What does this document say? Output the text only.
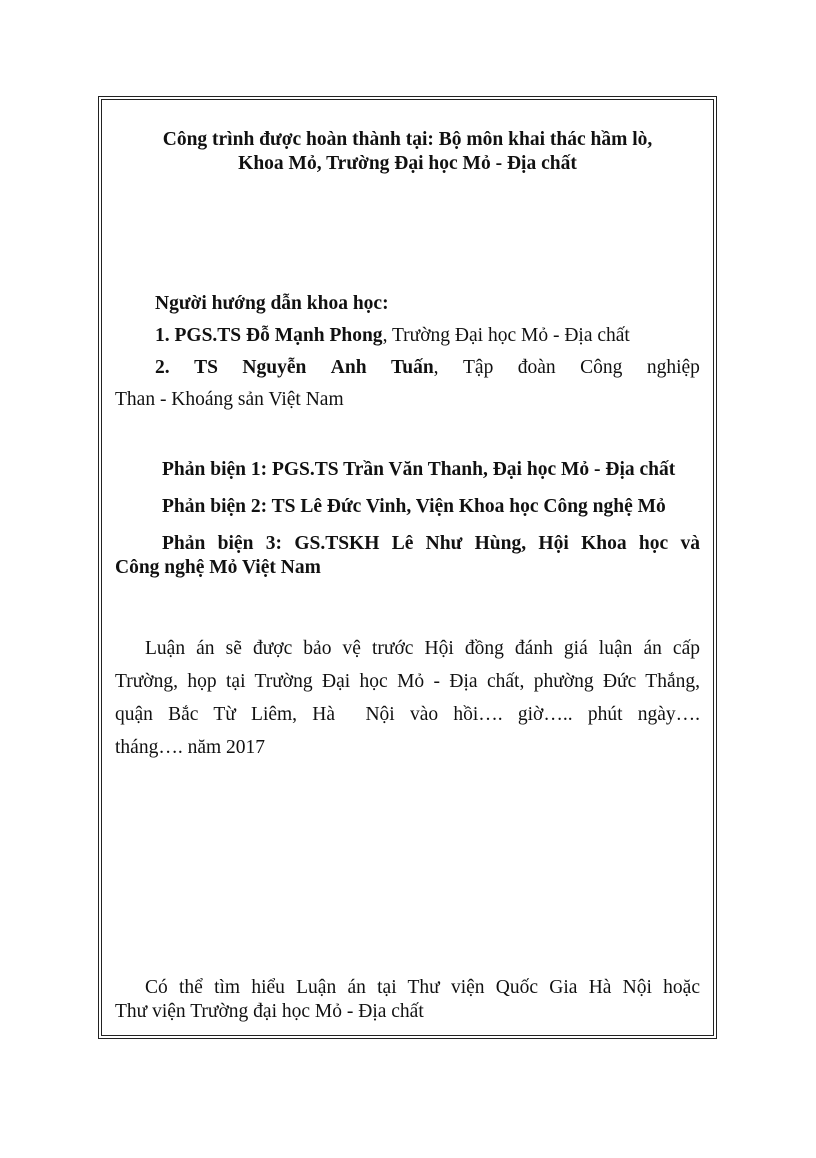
Công trình được hoàn thành tại: Bộ môn khai thác hầm lò,
Khoa Mỏ, Trường Đại học Mỏ - Địa chất
Người hướng dẫn khoa học:
1. PGS.TS Đỗ Mạnh Phong, Trường Đại học Mỏ - Địa chất
2. TS Nguyễn Anh Tuấn, Tập đoàn Công nghiệp
Than - Khoáng sản Việt Nam
Phản biện 1: PGS.TS Trần Văn Thanh, Đại học Mỏ - Địa chất
Phản biện 2: TS Lê Đức Vinh, Viện Khoa học Công nghệ Mỏ
Phản biện 3: GS.TSKH Lê Như Hùng, Hội Khoa học và
Công nghệ Mỏ Việt Nam
Luận án sẽ được bảo vệ trước Hội đồng đánh giá luận án cấp
Trường, họp tại Trường Đại học Mỏ - Địa chất, phường Đức Thắng,
quận Bắc Từ Liêm, Hà  Nội vào hồi…. giờ….. phút ngày….
tháng…. năm 2017
Có thể tìm hiểu Luận án tại Thư viện Quốc Gia Hà Nội hoặc
Thư viện Trường đại học Mỏ - Địa chất
